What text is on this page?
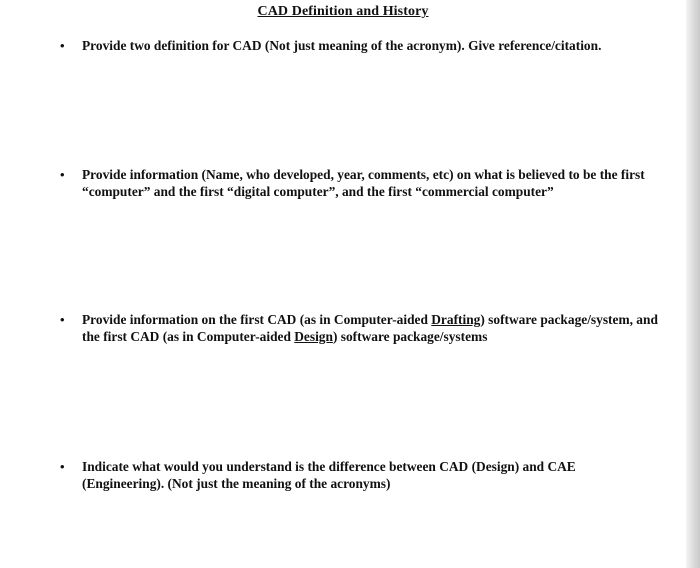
CAD Definition and History
• Provide two definition for CAD (Not just meaning of the acronym). Give reference/citation.
• Provide information (Name, who developed, year, comments, etc) on what is believed to be the first “computer” and the first “digital computer”, and the first “commercial computer”
• Provide information on the first CAD (as in Computer-aided Drafting) software package/system, and the first CAD (as in Computer-aided Design) software package/systems
• Indicate what would you understand is the difference between CAD (Design) and CAE (Engineering). (Not just the meaning of the acronyms)
